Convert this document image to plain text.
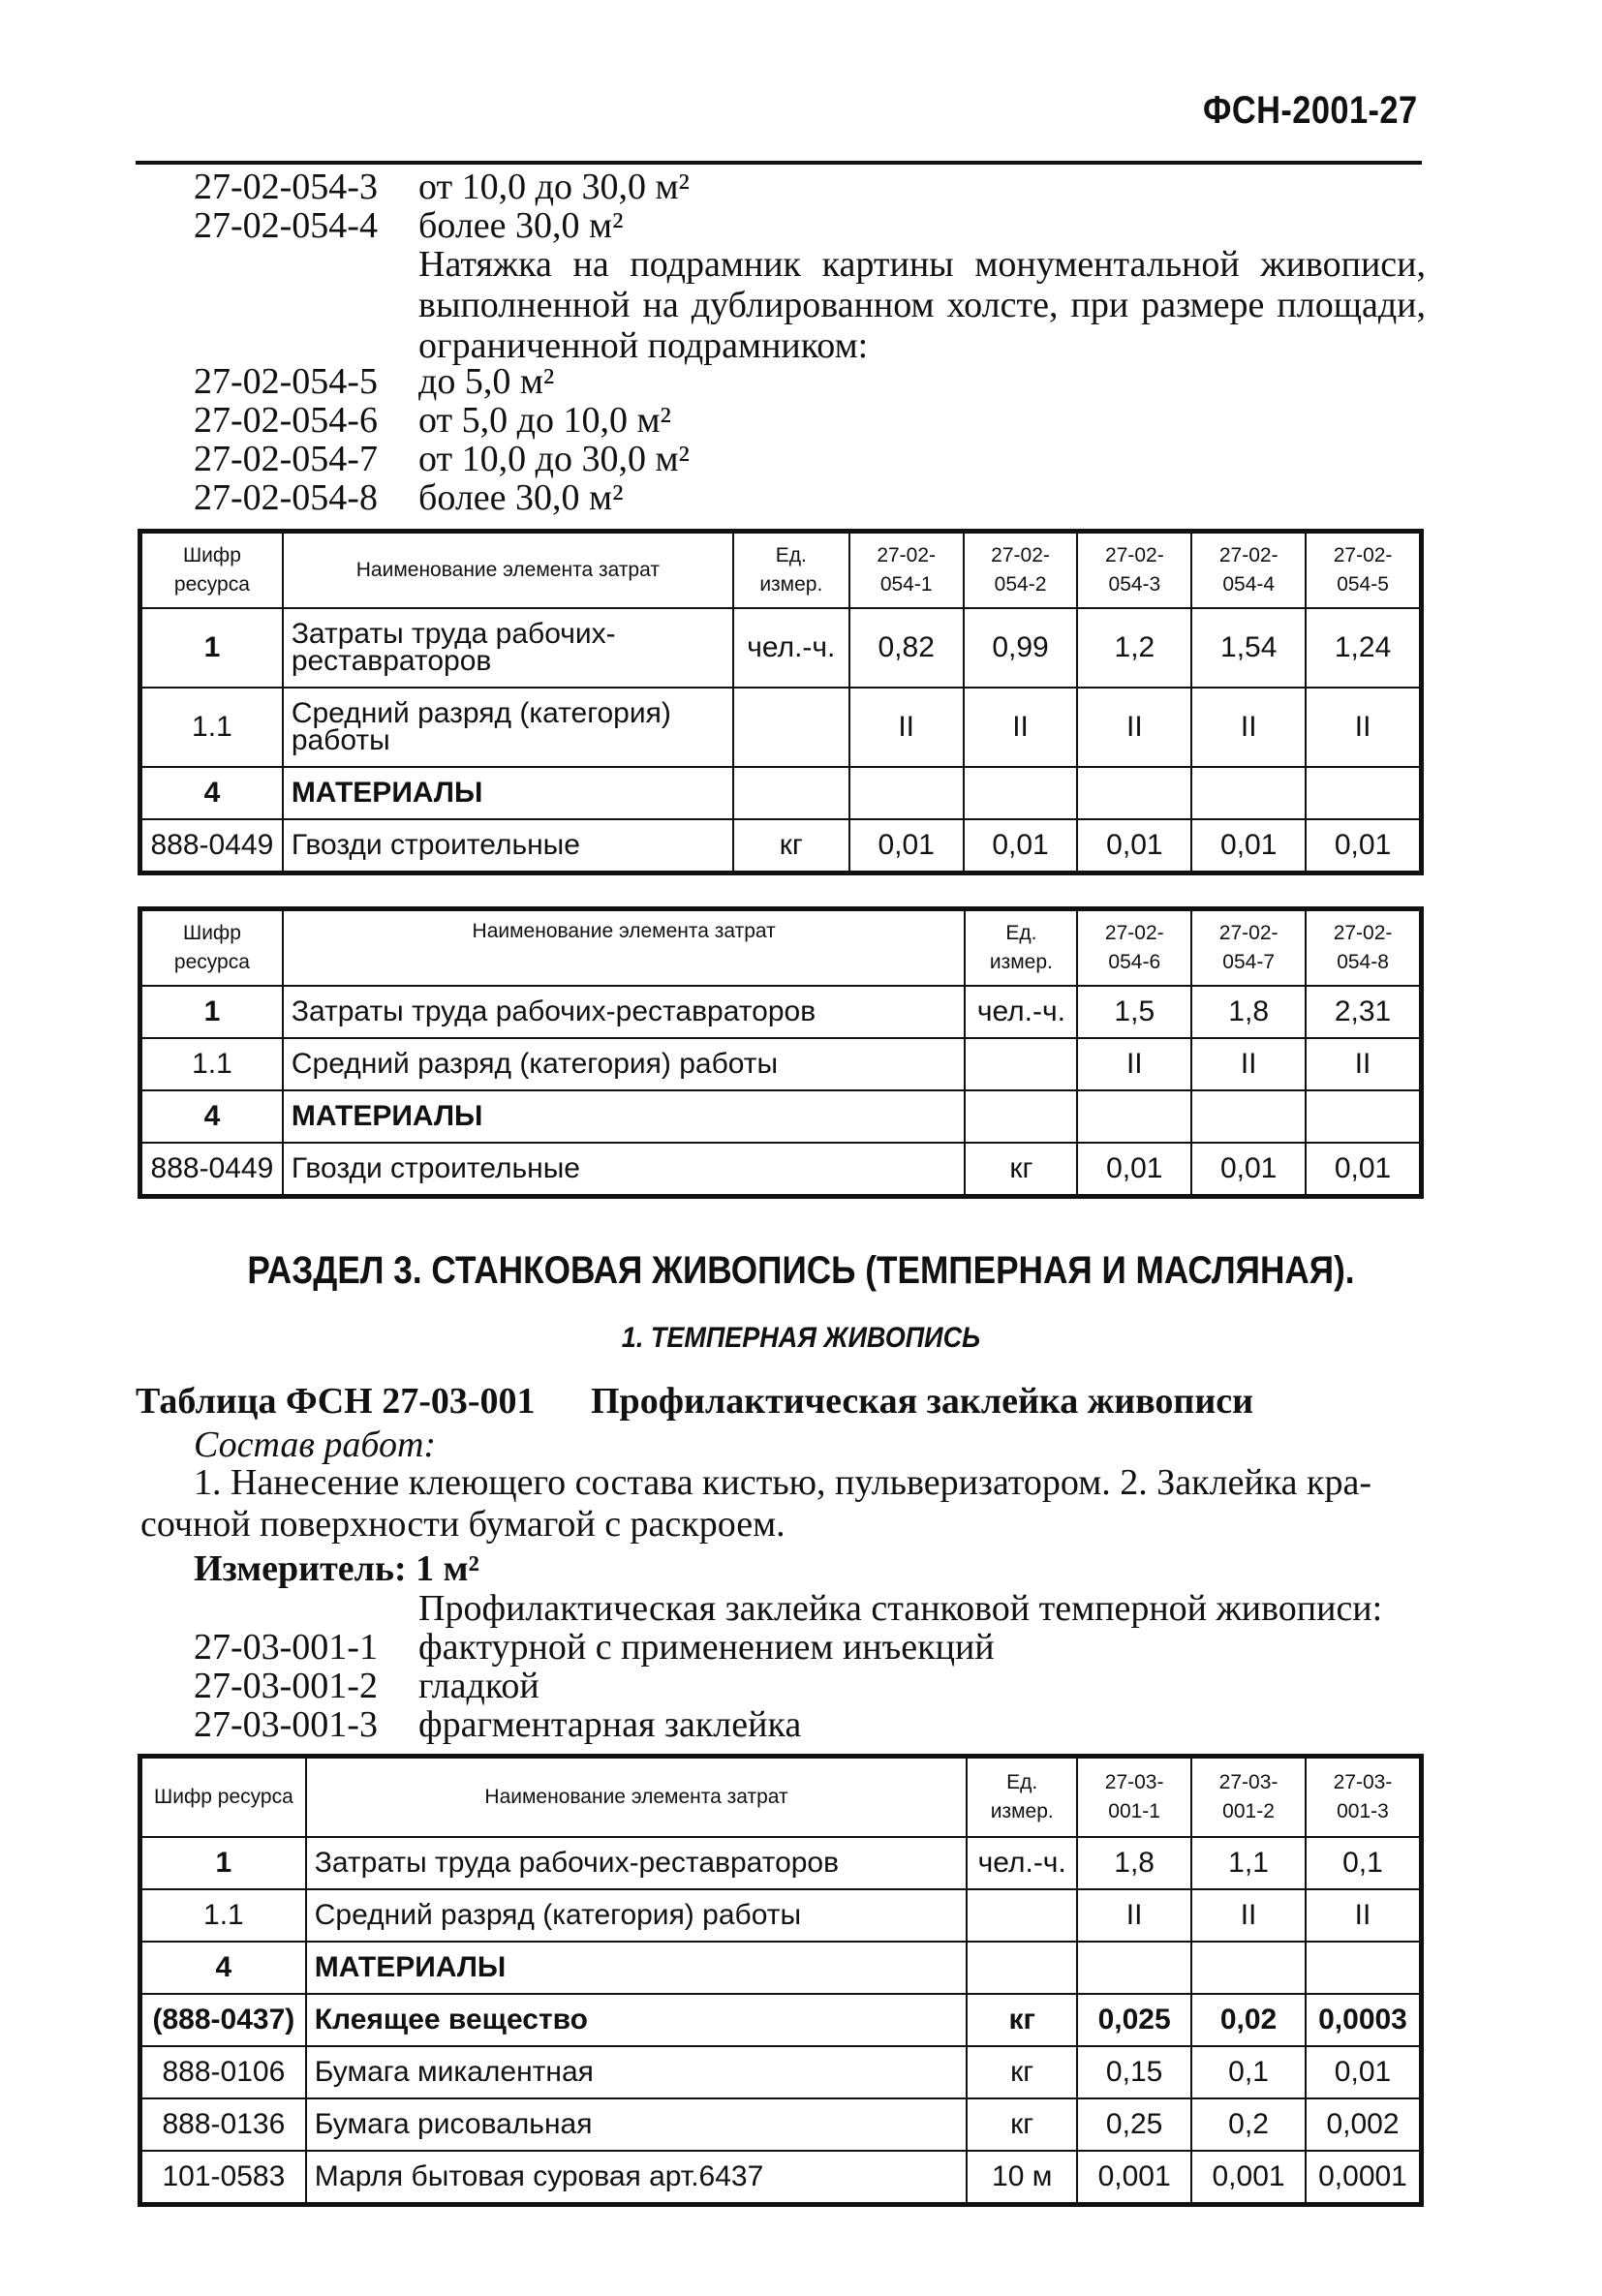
ФСН-2001-27
27-02-054-3	от 10,0 до 30,0 м²
27-02-054-4	более 30,0 м²
Натяжка на подрамник картины монументальной живописи, выполненной на дублированном холсте, при размере площади, ограниченной подрамником:
27-02-054-5	до 5,0 м²
27-02-054-6	от 5,0 до 10,0 м²
27-02-054-7	от 10,0 до 30,0 м²
27-02-054-8	более 30,0 м²
Шифр ресурса	Наименование элемента затрат	Ед. измер.	27-02-054-1	27-02-054-2	27-02-054-3	27-02-054-4	27-02-054-5
1	Затраты труда рабочих-реставраторов	чел.-ч.	0,82	0,99	1,2	1,54	1,24
1.1	Средний разряд (категория) работы		II	II	II	II	II
4	МАТЕРИАЛЫ						
888-0449	Гвозди строительные	кг	0,01	0,01	0,01	0,01	0,01
Шифр ресурса	Наименование элемента затрат	Ед. измер.	27-02-054-6	27-02-054-7	27-02-054-8
1	Затраты труда рабочих-реставраторов	чел.-ч.	1,5	1,8	2,31
1.1	Средний разряд (категория) работы		II	II	II
4	МАТЕРИАЛЫ				
888-0449	Гвозди строительные	кг	0,01	0,01	0,01
РАЗДЕЛ 3. СТАНКОВАЯ ЖИВОПИСЬ (ТЕМПЕРНАЯ И МАСЛЯНАЯ).
1. ТЕМПЕРНАЯ ЖИВОПИСЬ
Таблица ФСН 27-03-001 Профилактическая заклейка живописи
Состав работ:
1. Нанесение клеющего состава кистью, пульверизатором. 2. Заклейка кра-
сочной поверхности бумагой с раскроем.
Измеритель: 1 м²
Профилактическая заклейка станковой темперной живописи:
27-03-001-1	фактурной с применением инъекций
27-03-001-2	гладкой
27-03-001-3	фрагментарная заклейка
Шифр ресурса	Наименование элемента затрат	Ед. измер.	27-03-001-1	27-03-001-2	27-03-001-3
1	Затраты труда рабочих-реставраторов	чел.-ч.	1,8	1,1	0,1
1.1	Средний разряд (категория) работы		II	II	II
4	МАТЕРИАЛЫ				
(888-0437)	Клеящее вещество	кг	0,025	0,02	0,0003
888-0106	Бумага микалентная	кг	0,15	0,1	0,01
888-0136	Бумага рисовальная	кг	0,25	0,2	0,002
101-0583	Марля бытовая суровая арт.6437	10 м	0,001	0,001	0,0001
